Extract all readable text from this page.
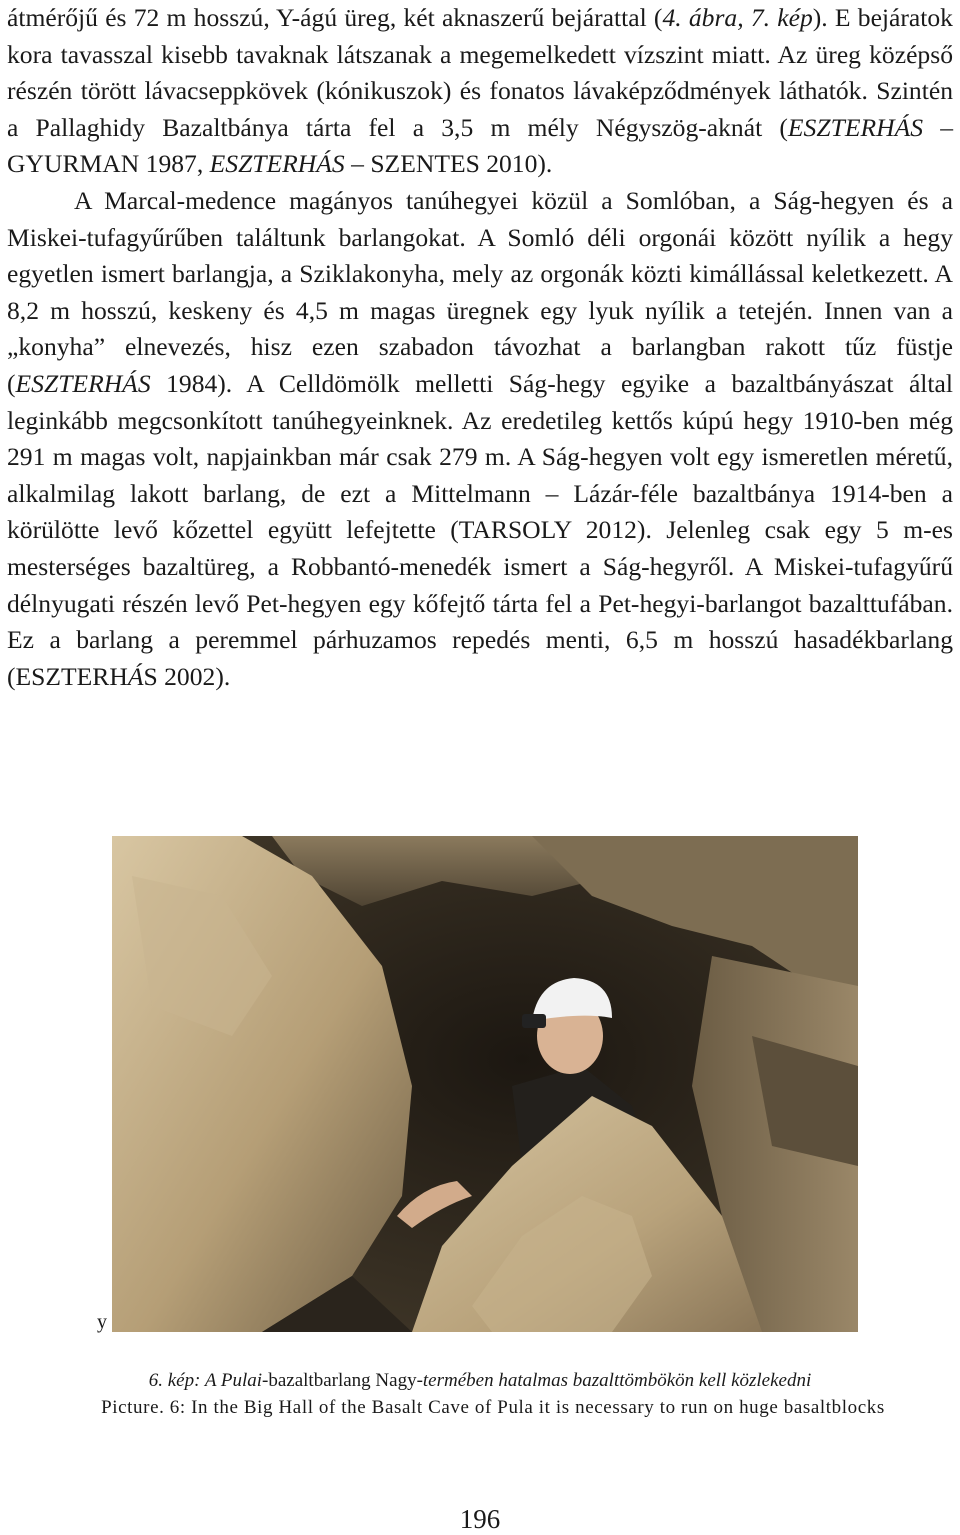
átmérőjű és 72 m hosszú, Y-ágú üreg, két aknaszerű bejárattal (4. ábra, 7. kép). E bejáratok kora tavasszal kisebb tavaknak látszanak a megemelkedett vízszint miatt. Az üreg középső részén törött lávacseppkövek (kónikuszok) és fonatos lávaképződmények láthatók. Szintén a Pallaghidy Bazaltbánya tárta fel a 3,5 m mély Négyszög-aknát (ESZTERHÁS – GYURMAN 1987, ESZTERHÁS – SZENTES 2010).

A Marcal-medence magányos tanúhegyei közül a Somlóban, a Ság-hegyen és a Miskei-tufagyűrűben találtunk barlangokat. A Somló déli orgonái között nyílik a hegy egyetlen ismert barlangja, a Sziklakonyha, mely az orgonák közti kimállással keletkezett. A 8,2 m hosszú, keskeny és 4,5 m magas üregnek egy lyuk nyílik a tetején. Innen van a „konyha” elnevezés, hisz ezen szabadon távozhat a barlangban rakott tűz füstje (ESZTERHÁS 1984). A Celldömölk melletti Ság-hegy egyike a bazaltbányászat által leginkább megcsonkított tanúhegyeinknek. Az eredetileg kettős kúpú hegy 1910-ben még 291 m magas volt, napjainkban már csak 279 m. A Ság-hegyen volt egy ismeretlen méretű, alkalmilag lakott barlang, de ezt a Mittelmann – Lázár-féle bazaltbánya 1914-ben a körülötte levő kőzettel együtt lefejtette (TARSOLY 2012). Jelenleg csak egy 5 m-es mesterséges bazaltüreg, a Robbantó-menedék ismert a Ság-hegyről. A Miskei-tufagyűrű délnyugati részén levő Pet-hegyen egy kőfejtő tárta fel a Pet-hegyi-barlangot bazalttufában. Ez a barlang a peremmel párhuzamos repedés menti, 6,5 m hosszú hasadékbarlang (ESZTERHÁS 2002).

y
6. kép: A Pulai-bazaltbarlang Nagy-termében hatalmas bazalttömbökön kell közlekedni
Picture. 6: In the Big Hall of the Basalt Cave of Pula it is necessary to run on huge basaltblocks
196
